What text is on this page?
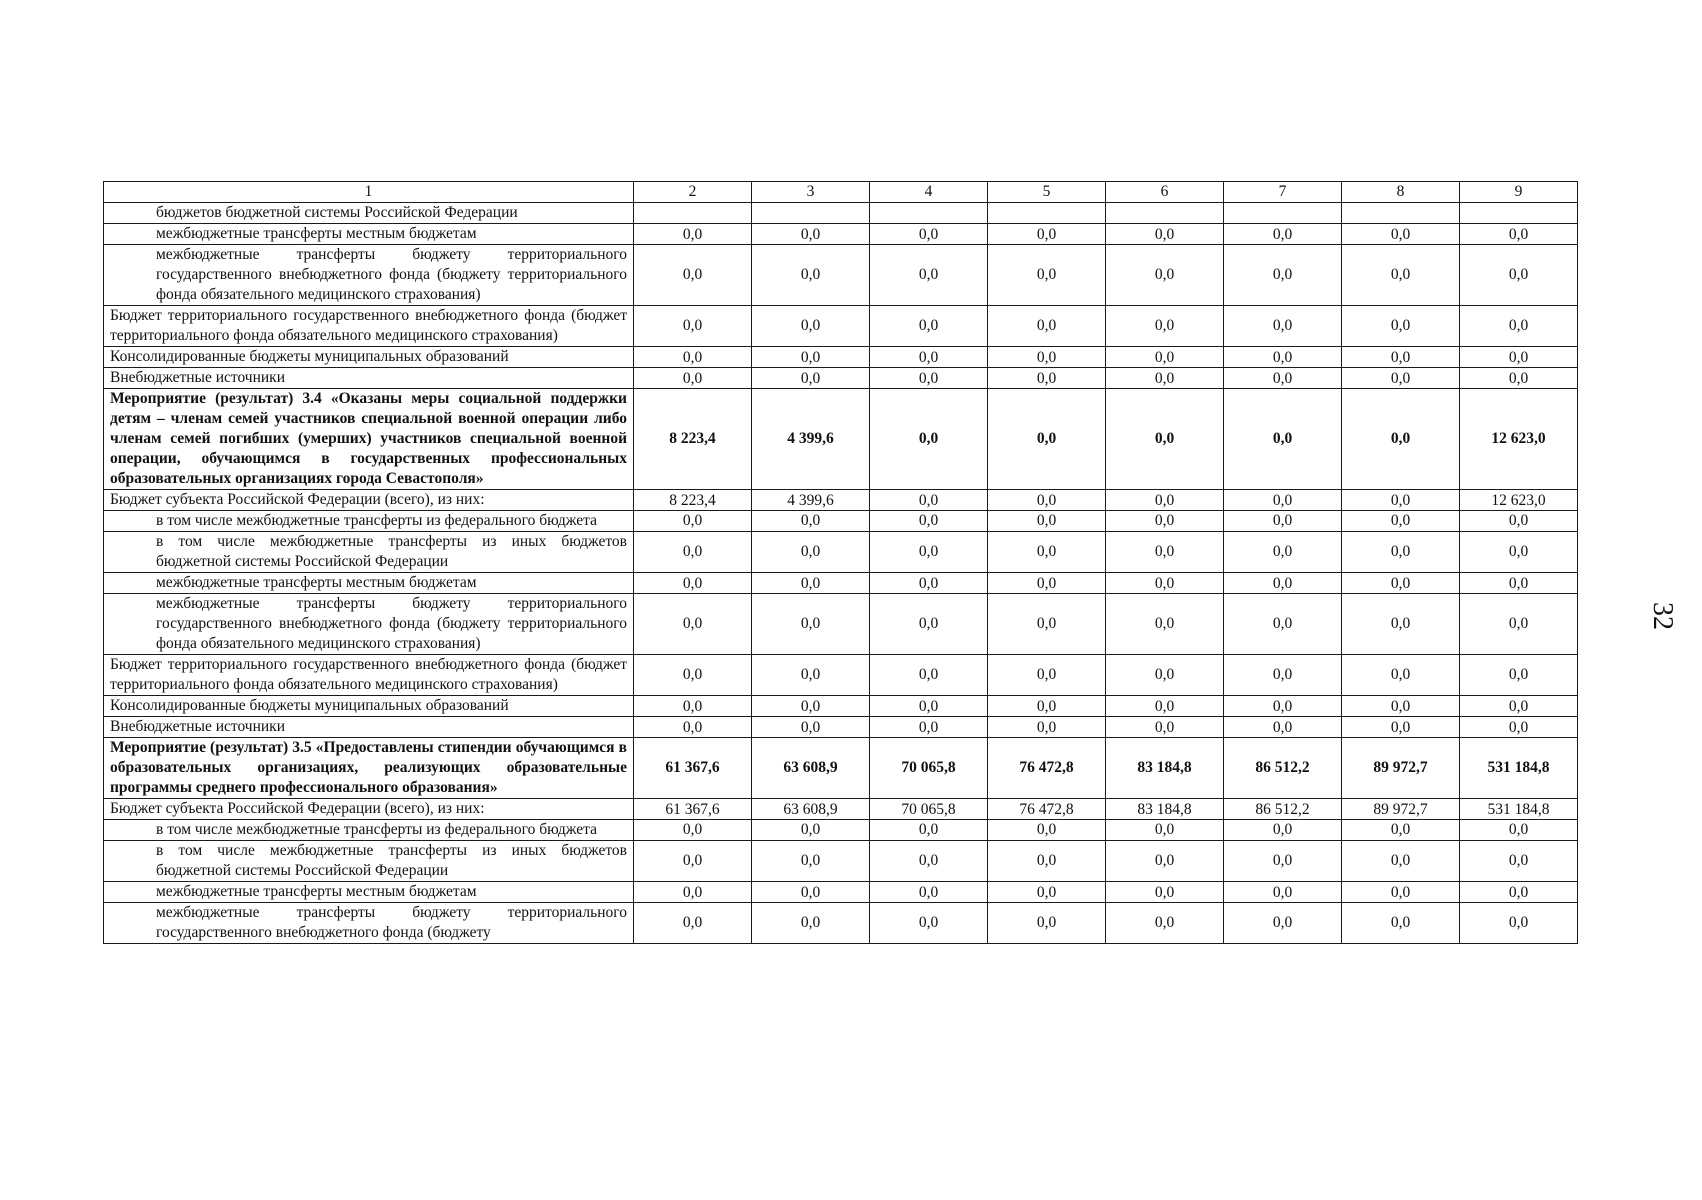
1	2	3	4	5	6	7	8	9
бюджетов бюджетной системы Российской Федерации								
межбюджетные трансферты местным бюджетам	0,0	0,0	0,0	0,0	0,0	0,0	0,0	0,0
межбюджетные трансферты бюджету территориального государственного внебюджетного фонда (бюджету территориального фонда обязательного медицинского страхования)	0,0	0,0	0,0	0,0	0,0	0,0	0,0	0,0
Бюджет территориального государственного внебюджетного фонда (бюджет территориального фонда обязательного медицинского страхования)	0,0	0,0	0,0	0,0	0,0	0,0	0,0	0,0
Консолидированные бюджеты муниципальных образований	0,0	0,0	0,0	0,0	0,0	0,0	0,0	0,0
Внебюджетные источники	0,0	0,0	0,0	0,0	0,0	0,0	0,0	0,0
Мероприятие (результат) 3.4 «Оказаны меры социальной поддержки детям – членам семей участников специальной военной операции либо членам семей погибших (умерших) участников специальной военной операции, обучающимся в государственных профессиональных образовательных организациях города Севастополя»	8 223,4	4 399,6	0,0	0,0	0,0	0,0	0,0	12 623,0
Бюджет субъекта Российской Федерации (всего), из них:	8 223,4	4 399,6	0,0	0,0	0,0	0,0	0,0	12 623,0
в том числе межбюджетные трансферты из федерального бюджета	0,0	0,0	0,0	0,0	0,0	0,0	0,0	0,0
в том числе межбюджетные трансферты из иных бюджетов бюджетной системы Российской Федерации	0,0	0,0	0,0	0,0	0,0	0,0	0,0	0,0
межбюджетные трансферты местным бюджетам	0,0	0,0	0,0	0,0	0,0	0,0	0,0	0,0
межбюджетные трансферты бюджету территориального государственного внебюджетного фонда (бюджету территориального фонда обязательного медицинского страхования)	0,0	0,0	0,0	0,0	0,0	0,0	0,0	0,0
Бюджет территориального государственного внебюджетного фонда (бюджет территориального фонда обязательного медицинского страхования)	0,0	0,0	0,0	0,0	0,0	0,0	0,0	0,0
Консолидированные бюджеты муниципальных образований	0,0	0,0	0,0	0,0	0,0	0,0	0,0	0,0
Внебюджетные источники	0,0	0,0	0,0	0,0	0,0	0,0	0,0	0,0
Мероприятие (результат) 3.5 «Предоставлены стипендии обучающимся в образовательных организациях, реализующих образовательные программы среднего профессионального образования»	61 367,6	63 608,9	70 065,8	76 472,8	83 184,8	86 512,2	89 972,7	531 184,8
Бюджет субъекта Российской Федерации (всего), из них:	61 367,6	63 608,9	70 065,8	76 472,8	83 184,8	86 512,2	89 972,7	531 184,8
в том числе межбюджетные трансферты из федерального бюджета	0,0	0,0	0,0	0,0	0,0	0,0	0,0	0,0
в том числе межбюджетные трансферты из иных бюджетов бюджетной системы Российской Федерации	0,0	0,0	0,0	0,0	0,0	0,0	0,0	0,0
межбюджетные трансферты местным бюджетам	0,0	0,0	0,0	0,0	0,0	0,0	0,0	0,0
межбюджетные трансферты бюджету территориального государственного внебюджетного фонда (бюджету	0,0	0,0	0,0	0,0	0,0	0,0	0,0	0,0
32
